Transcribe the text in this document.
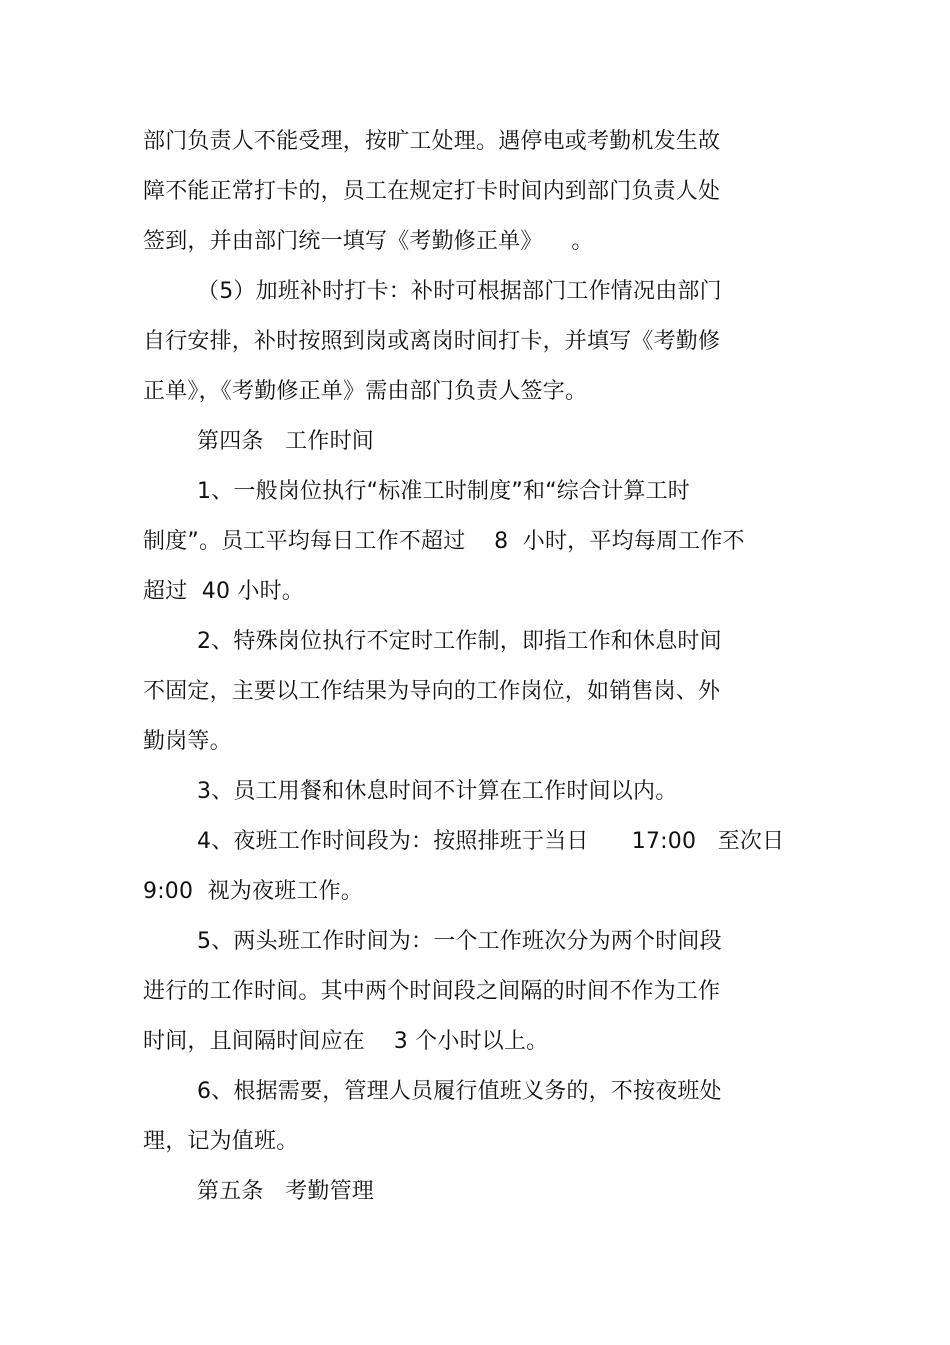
部门负责人不能受理，按旷工处理。遇停电或考勤机发生故
障不能正常打卡的，员工在规定打卡时间内到部门负责人处
签到，并由部门统一填写《考勤修正单》    。
（5）加班补时打卡：补时可根据部门工作情况由部门
自行安排，补时按照到岗或离岗时间打卡，并填写《考勤修
正单》，《考勤修正单》需由部门负责人签字。
第四条   工作时间
1、一般岗位执行“标准工时制度”和“综合计算工时
制度”。员工平均每日工作不超过    8  小时，平均每周工作不
超过  40 小时。
2、特殊岗位执行不定时工作制，即指工作和休息时间
不固定，主要以工作结果为导向的工作岗位，如销售岗、外
勤岗等。
3、员工用餐和休息时间不计算在工作时间以内。
4、夜班工作时间段为：按照排班于当日      17:00   至次日
9:00  视为夜班工作。
5、两头班工作时间为：一个工作班次分为两个时间段
进行的工作时间。其中两个时间段之间隔的时间不作为工作
时间，且间隔时间应在    3 个小时以上。
6、根据需要，管理人员履行值班义务的，不按夜班处
理，记为值班。
第五条   考勤管理
